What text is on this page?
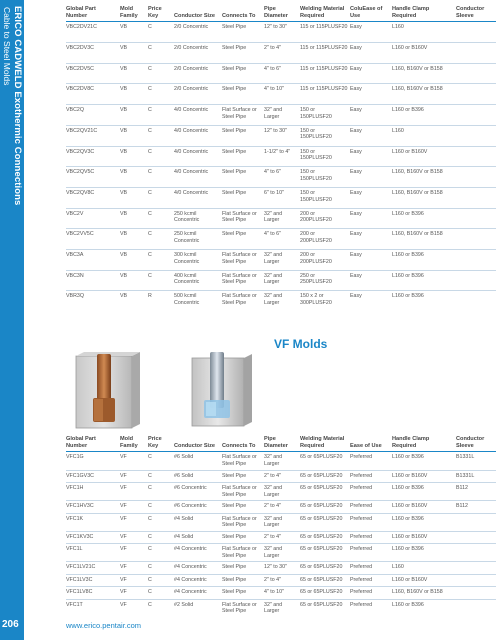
ERICO CADWELD Exothermic Connections
Cable to Steel Molds
206
Global Part Number	Mold Family	Price Key	Conductor Size	Connects To	Pipe Diameter	Welding Material Required	CoIuEase of Use	Handle Clamp Required	Conductor Sleeve
VBC2DV21C	VB	C	2/0 Concentric	Steel Pipe	12" to 30"	115 or 115PLUSF20	Easy	L160	
VBC2DV3C	VB	C	2/0 Concentric	Steel Pipe	2" to 4"	115 or 115PLUSF20	Easy	L160 or B160V	
VBC2DV5C	VB	C	2/0 Concentric	Steel Pipe	4" to 6"	115 or 115PLUSF20	Easy	L160, B160V or B158	
VBC2DV8C	VB	C	2/0 Concentric	Steel Pipe	4" to 10"	115 or 115PLUSF20	Easy	L160, B160V or B158	
VBC2Q	VB	C	4/0 Concentric	Flat Surface or Steel Pipe	32" and Larger	150 or 150PLUSF20	Easy	L160 or B396	
VBC2QV21C	VB	C	4/0 Concentric	Steel Pipe	12" to 30"	150 or 150PLUSF20	Easy	L160	
VBC2QV3C	VB	C	4/0 Concentric	Steel Pipe	1-1/2" to 4"	150 or 150PLUSF20	Easy	L160 or B160V	
VBC2QV5C	VB	C	4/0 Concentric	Steel Pipe	4" to 6"	150 or 150PLUSF20	Easy	L160, B160V or B158	
VBC2QV8C	VB	C	4/0 Concentric	Steel Pipe	6" to 10"	150 or 150PLUSF20	Easy	L160, B160V or B158	
VBC2V	VB	C	250 kcmil Concentric	Flat Surface or Steel Pipe	32" and Larger	200 or 200PLUSF20	Easy	L160 or B396	
VBC2VV5C	VB	C	250 kcmil Concentric	Steel Pipe	4" to 6"	200 or 200PLUSF20	Easy	L160, B160V or B158	
VBC3A	VB	C	300 kcmil Concentric	Flat Surface or Steel Pipe	32" and Larger	200 or 200PLUSF20	Easy	L160 or B396	
VBC3N	VB	C	400 kcmil Concentric	Flat Surface or Steel Pipe	32" and Larger	250 or 250PLUSF20	Easy	L160 or B396	
VBR3Q	VB	R	500 kcmil Concentric	Flat Surface or Steel Pipe	32" and Larger	150 x 2 or 300PLUSF20	Easy	L160 or B396	
VF Molds
Global Part Number	Mold Family	Price Key	Conductor Size	Connects To	Pipe Diameter	Welding Material Required	Ease of Use	Handle Clamp Required	Conductor Sleeve
VFC1G	VF	C	#6 Solid	Flat Surface or Steel Pipe	32" and Larger	65 or 65PLUSF20	Preferred	L160 or B396	B1331L
VFC1GV3C	VF	C	#6 Solid	Steel Pipe	2" to 4"	65 or 65PLUSF20	Preferred	L160 or B160V	B1331L
VFC1H	VF	C	#6 Concentric	Flat Surface or Steel Pipe	32" and Larger	65 or 65PLUSF20	Preferred	L160 or B396	B112
VFC1HV3C	VF	C	#6 Concentric	Steel Pipe	2" to 4"	65 or 65PLUSF20	Preferred	L160 or B160V	B112
VFC1K	VF	C	#4 Solid	Flat Surface or Steel Pipe	32" and Larger	65 or 65PLUSF20	Preferred	L160 or B396	
VFC1KV3C	VF	C	#4 Solid	Steel Pipe	2" to 4"	65 or 65PLUSF20	Preferred	L160 or B160V	
VFC1L	VF	C	#4 Concentric	Flat Surface or Steel Pipe	32" and Larger	65 or 65PLUSF20	Preferred	L160 or B396	
VFC1LV21C	VF	C	#4 Concentric	Steel Pipe	12" to 30"	65 or 65PLUSF20	Preferred	L160	
VFC1LV3C	VF	C	#4 Concentric	Steel Pipe	2" to 4"	65 or 65PLUSF20	Preferred	L160 or B160V	
VFC1LV8C	VF	C	#4 Concentric	Steel Pipe	4" to 10"	65 or 65PLUSF20	Preferred	L160, B160V or B158	
VFC1T	VF	C	#2 Solid	Flat Surface or Steel Pipe	32" and Larger	65 or 65PLUSF20	Preferred	L160 or B396	
www.erico.pentair.com
